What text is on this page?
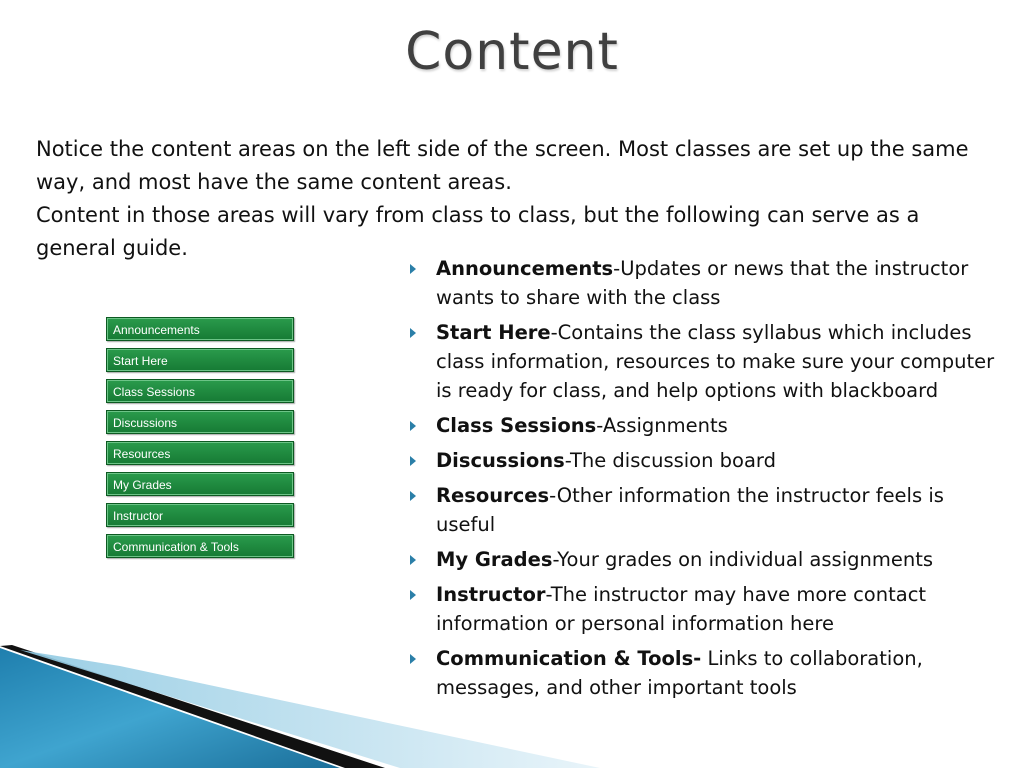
Content

Notice the content areas on the left side of the screen. Most classes are set up the same way, and most have the same content areas.

Content in those areas will vary from class to class, but the following can serve as a general guide.

Announcements
Start Here
Class Sessions
Discussions
Resources
My Grades
Instructor
Communication & Tools
Announcements-Updates or news that the instructor wants to share with the class
Start Here-Contains the class syllabus which includes class information, resources to make sure your computer is ready for class, and help options with blackboard
Class Sessions-Assignments
Discussions-The discussion board
Resources-Other information the instructor feels is useful
My Grades-Your grades on individual assignments
Instructor-The instructor may have more contact information or personal information here
Communication & Tools- Links to collaboration, messages, and other important tools
